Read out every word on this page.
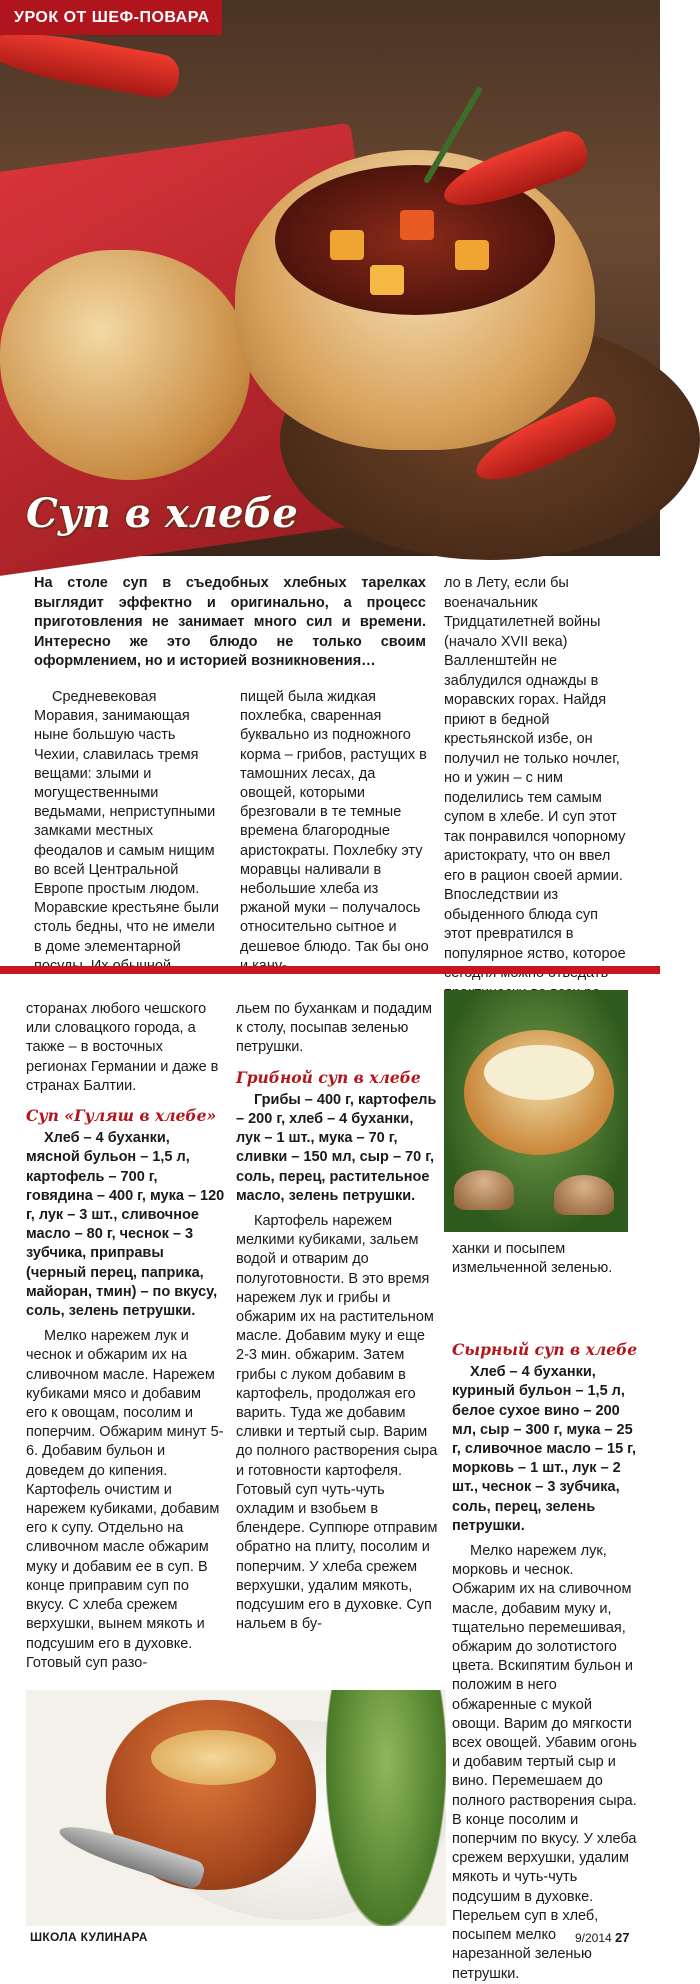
УРОК ОТ ШЕФ-ПОВАРА
Суп в хлебе
На столе суп в съедобных хлебных тарелках выглядит эффектно и оригинально, а процесс приготовления не занимает много сил и времени. Интересно же это блюдо не только своим оформлением, но и историей возникновения…
ло в Лету, если бы военачальник Тридцатилетней войны (начало XVII века) Валленштейн не заблудился однажды в моравских горах. Найдя приют в бедной крестьянской избе, он получил не только ночлег, но и ужин – с ним поделились тем самым супом в хлебе. И суп этот так понравился чопорному аристократу, что он ввел его в рацион своей армии. Впоследствии из обыденного блюда суп этот превратился в популярное яство, которое

Средневековая Моравия, занимающая ныне большую часть Чехии, славилась тремя вещами: злыми и могущественными ведьмами, неприступными замками местных феодалов и самым нищим во всей Центральной Европе простым людом. Моравские крестьяне были столь бедны, что не имели в доме элементарной

пищей была жидкая похлебка, сваренная буквально из подножного корма – грибов, растущих в тамошних лесах, да овощей, которыми брезговали в те темные времена благородные аристократы. Похлебку эту моравцы наливали в небольшие хлеба из ржаной муки – получалось относительно сытное и дешевое блюдо. Так бы оно

сторанах любого чешского или словацкого города, а также – в восточных регионах Германии и даже в странах Балтии.

Суп «Гуляш в хлебе»

Хлеб – 4 буханки, мясной бульон – 1,5 л, картофель – 700 г, говядина – 400 г, мука – 120 г, лук – 3 шт., сливочное масло – 80 г, чеснок – 3 зубчика, приправы (черный перец, паприка, майоран, тмин) – по вкусу, соль, зелень петрушки.

Мелко нарежем лук и чеснок и обжарим их на сливочном масле. Нарежем кубиками мясо и добавим его к овощам, посолим и поперчим. Обжарим минут 5-6. Добавим бульон и доведем до кипения. Картофель очистим и нарежем кубиками, добавим его к супу. Отдельно на сливочном масле обжарим муку и добавим ее в суп. В конце приправим суп по вкусу. С хлеба срежем верхушки, вынем мякоть и подсушим его в духовке. Готовый суп разо-

льем по буханкам и подадим к столу, посыпав зеленью петрушки.

Грибной суп в хлебе

Грибы – 400 г, картофель – 200 г, хлеб – 4 буханки, лук – 1 шт., мука – 70 г, сливки – 150 мл, сыр – 70 г, соль, перец, растительное масло, зелень петрушки.

Картофель нарежем мелкими кубиками, зальем водой и отварим до полуготовности. В это время нарежем лук и грибы и обжарим их на растительном масле. Добавим муку и еще 2-3 мин. обжарим. Затем грибы с луком добавим в картофель, продолжая его варить. Туда же добавим сливки и тертый сыр. Варим до полного растворения сыра и готовности картофеля. Готовый суп чуть-чуть охладим и взобьем в блендере. Суппюре отправим обратно на плиту, посолим и поперчим. У хлеба срежем верхушки, удалим мякоть, подсушим его в духовке. Суп нальем в бу-

ханки и посыпем измельченной зеленью.

Сырный суп в хлебе

Хлеб – 4 буханки, куриный бульон – 1,5 л, белое сухое вино – 200 мл, сыр – 300 г, мука – 25 г, сливочное масло – 15 г, морковь – 1 шт., лук – 2 шт., чеснок – 3 зубчика, соль, перец, зелень петрушки.

Мелко нарежем лук, морковь и чеснок. Обжарим их на сливочном масле, добавим муку и, тщательно перемешивая, обжарим до золотистого цвета. Вскипятим бульон и положим в него обжаренные с мукой овощи. Варим до мягкости всех овощей. Убавим огонь и добавим тертый сыр и вино. Перемешаем до полного растворения сыра. В конце посолим и поперчим по вкусу. У хлеба срежем верхушки, удалим мякоть и чуть-чуть подсушим в духовке. Перельем суп в хлеб, посыпем мелко нарезанной зеленью петрушки.

ШКОЛА КУЛИНАРА	9/2014 27
